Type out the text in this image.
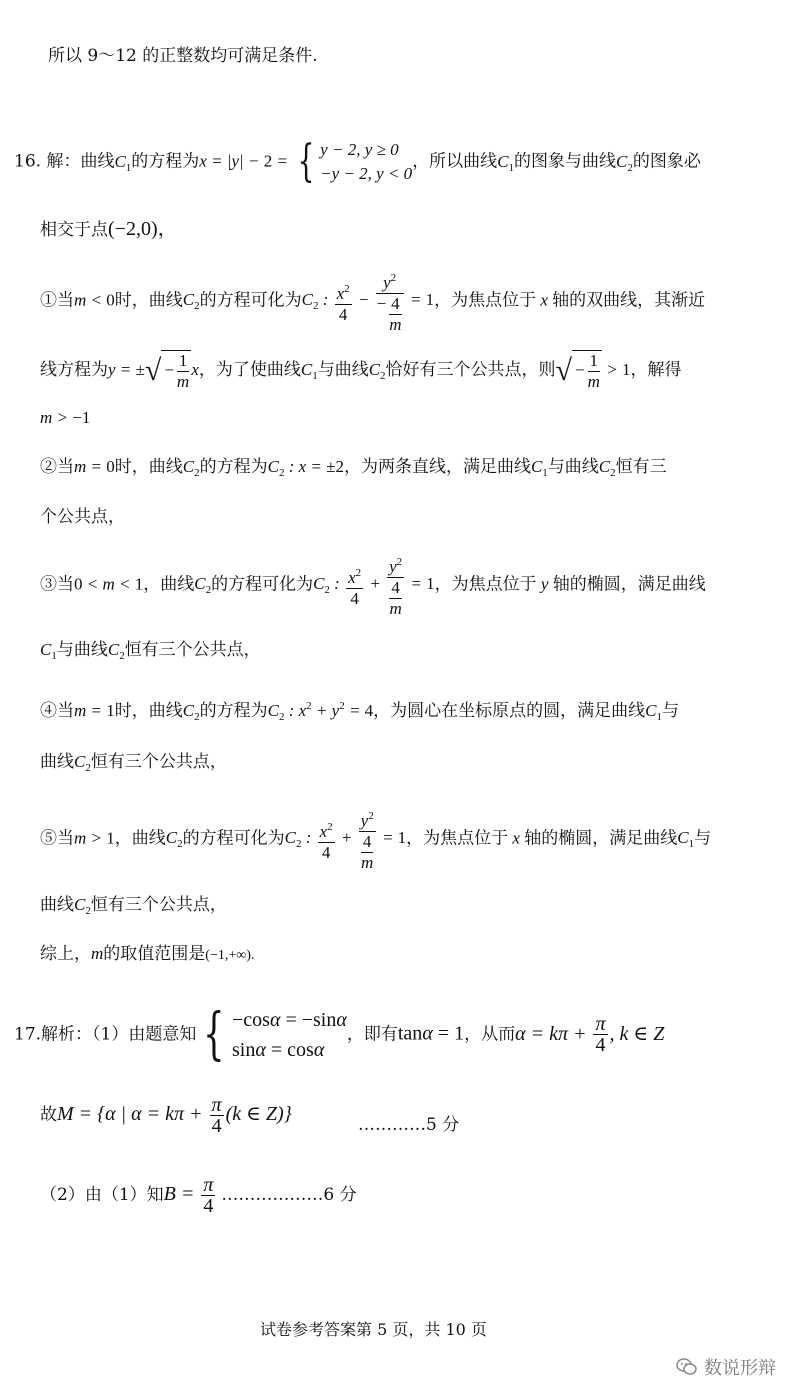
所以 9～12 的正整数均可满足条件.
16. 解：曲线$C_1$的方程为x = |y| − 2 = { y − 2, y ≥ 0
−y − 2, y < 0
，所以曲线$C_1$的图象与曲线$C_2$的图象必
相交于点(−2,0)，
①当m < 0时，曲线$C_2$的方程可化为$C_2$ : $\frac{x^2}{4} - \frac{y^2}{- \frac{4}{m}} = 1$，为焦点位于 x 轴的双曲线，其渐近
线方程为y = ±√ − $\frac{1}{m}$ x，为了使曲线$C_1$与曲线$C_2$恰好有三个公共点，则√ − $\frac{1}{m} > 1$，解得
m > −1
②当m = 0时，曲线$C_2$的方程为$C_2$ : x = ±2，为两条直线，满足曲线$C_1$与曲线$C_2$恒有三
个公共点，
③当0 < m < 1，曲线$C_2$的方程可化为$C_2$ : $\frac{x^2}{4} + \frac{y^2}{\frac{4}{m}} = 1$，为焦点位于 y 轴的椭圆，满足曲线
$C_1$与曲线$C_2$恒有三个公共点，
④当m = 1时，曲线$C_2$的方程为$C_2$ : $x^2 + y^2 = 4$，为圆心在坐标原点的圆，满足曲线$C_1$与
曲线$C_2$恒有三个公共点，
⑤当m > 1，曲线$C_2$的方程可化为$C_2$ : $\frac{x^2}{4} + \frac{y^2}{\frac{4}{m}} = 1$，为焦点位于 x 轴的椭圆，满足曲线$C_1$与
曲线$C_2$恒有三个公共点，
综上，m的取值范围是(−1,+∞).
17.解析：（1）由题意知 { −cosα = −sinα
sinα = cosα
，即有tanα = 1，从而$\alpha = k\pi + \frac{\pi}{4}$ , k ∈ Z
故M = {α | $\alpha = k\pi + \frac{\pi}{4} (k$ ∈ Z)}	…………5 分
（2）由（1）知$B = \frac{\pi}{4}$ ………………6 分
试卷参考答案第 5 页，共 10 页
数说形辩
